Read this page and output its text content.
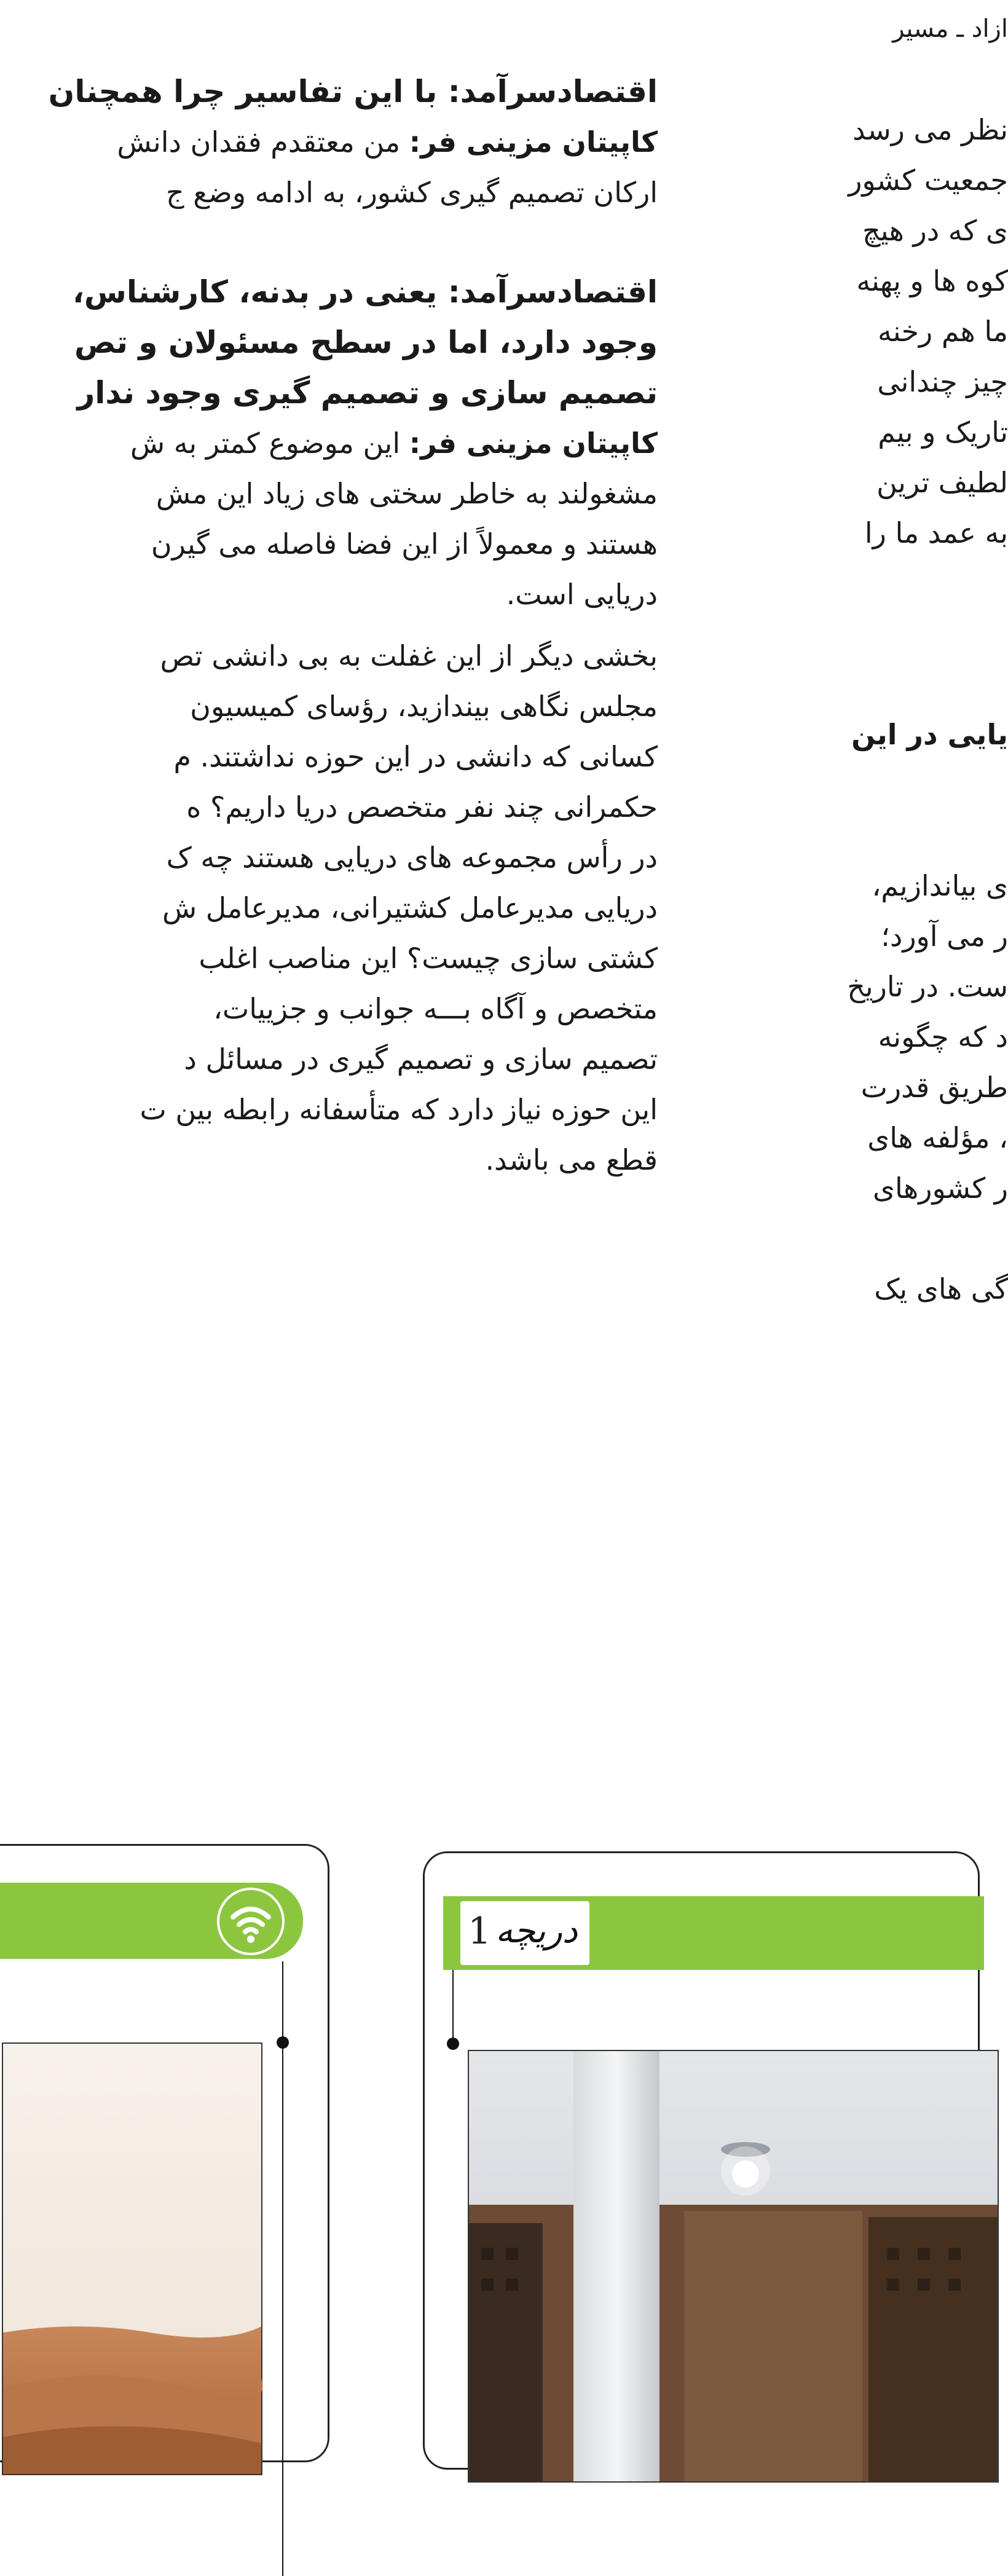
ازاد ـ مسیر

نظر می رسد

جمعیت کشور

ی که در هیچ

کوه ها و پهنه

ما هم رخنه

چیز چندانی

تاریک و بیم

لطیف ترین

به عمد ما را

یایی در این

ی بیاندازیم،

ر می آورد؛

ست. در تاریخ

د که چگونه

طریق قدرت

، مؤلفه های

ر کشورهای

گی های یک

اقتصادسرآمد: با این تفاسیر چرا همچنان

کاپیتان مزینی فر: من معتقدم فقدان دانش

ارکان تصمیم گیری کشور، به ادامه وضع ج

اقتصادسرآمد: یعنی در بدنه، کارشناس،

وجود دارد، اما در سطح مسئولان و تص

تصمیم سازی و تصمیم گیری وجود ندار

کاپیتان مزینی فر: این موضوع کمتر به ش

مشغولند به خاطر سختی های زیاد این مش

هستند و معمولاً از این فضا فاصله می گیرن

دریایی است.

بخشی دیگر از این غفلت به بی دانشی تص

مجلس نگاهی بیندازید، رؤسای کمیسیون

کسانی که دانشی در این حوزه نداشتند. م

حکمرانی چند نفر متخصص دریا داریم؟ ه

در رأس مجموعه های دریایی هستند چه ک

دریایی مدیرعامل کشتیرانی، مدیرعامل ش

کشتی سازی چیست؟ این مناصب اغلب

متخصص و آگاه بـــه جوانب و جزییات،

تصمیم سازی و تصمیم گیری در مسائل د

این حوزه نیاز دارد که متأسفانه رابطه بین ت

قطع می باشد.

1 دریچه
